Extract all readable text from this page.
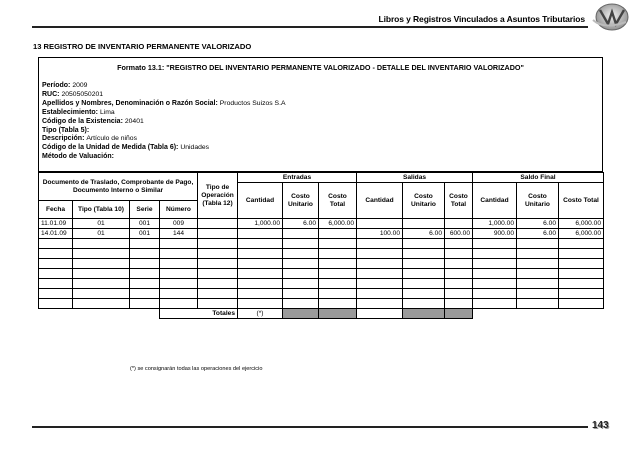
Libros y Registros Vinculados a Asuntos Tributarios
13 REGISTRO DE INVENTARIO PERMANENTE VALORIZADO
Formato 13.1: "REGISTRO DEL INVENTARIO PERMANENTE VALORIZADO - DETALLE DEL INVENTARIO VALORIZADO"
Período: 2009
RUC: 20505050201
Apellidos y Nombres, Denominación o Razón Social: Productos Suizos S.A
Establecimiento: Lima
Código de la Existencia: 20401
Tipo (Tabla 5):
Descripción: Artículo de niños
Código de la Unidad de Medida (Tabla 6): Unidades
Método de Valuación:
Documento de Traslado, Comprobante de Pago, Documento Interno o Similar				Tipo de Operación (Tabla 12)	Entradas			Salidas			Saldo Final		
					Cantidad	Costo Unitario	Costo Total	Cantidad	Costo Unitario	Costo Total	Cantidad	Costo Unitario	Costo Total
Fecha	Tipo (Tabla 10)	Serie	Número										
11.01.09	01	001	009		1,000.00	6.00	6,000.00				1,000.00	6.00	6,000.00
14.01.09	01	001	144					100.00	6.00	600.00	900.00	6.00	6,000.00

			Totales		(*)								
(*) se consignarán todas las operaciones del ejercicio
143
